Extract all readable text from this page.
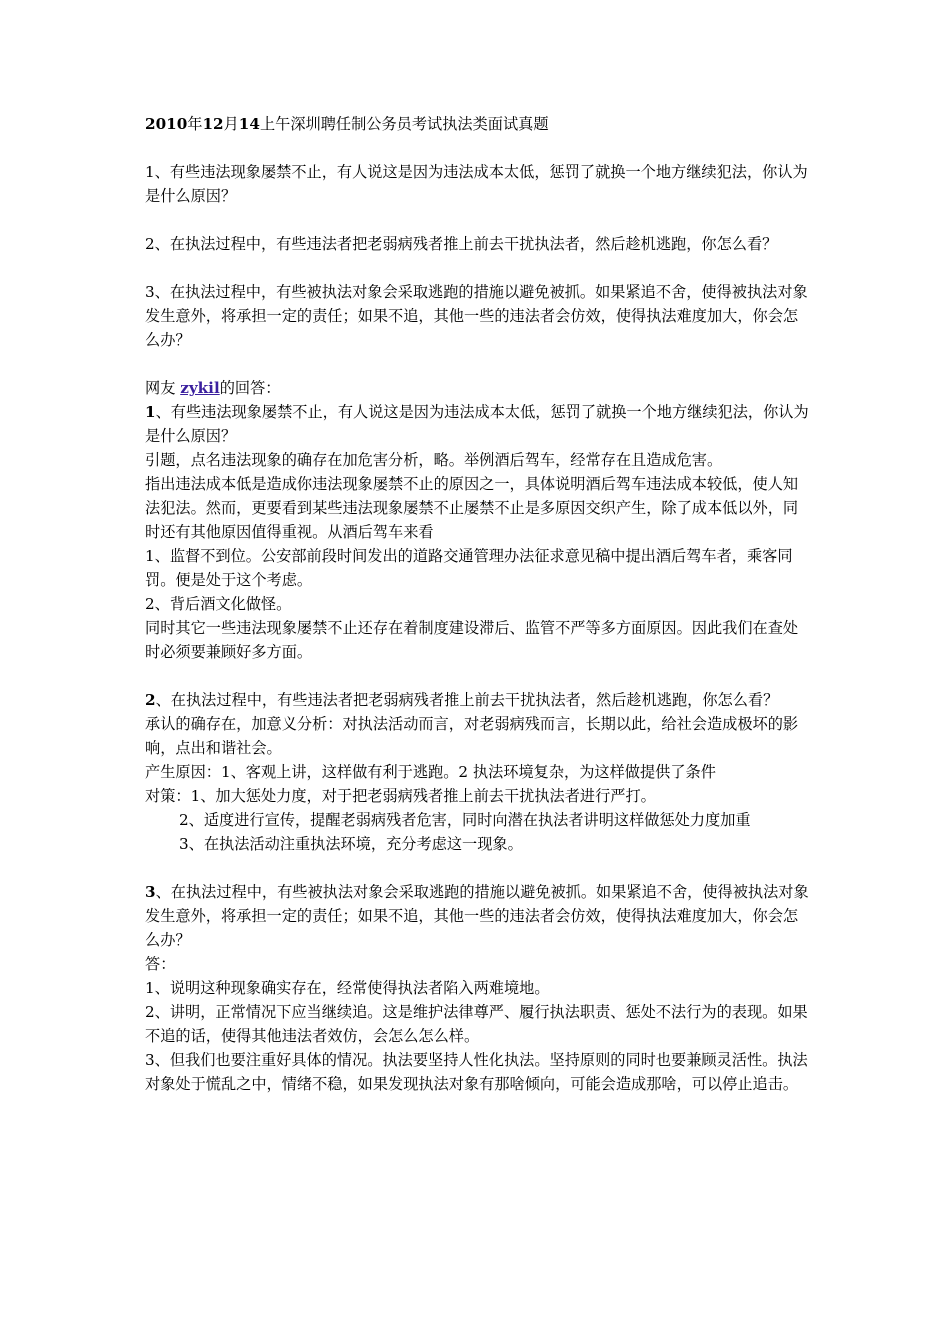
2010年12月14上午深圳聘任制公务员考试执法类面试真题

1、有些违法现象屡禁不止，有人说这是因为违法成本太低，惩罚了就换一个地方继续犯法，你认为是什么原因？

2、在执法过程中，有些违法者把老弱病残者推上前去干扰执法者，然后趁机逃跑，你怎么看？

3、在执法过程中，有些被执法对象会采取逃跑的措施以避免被抓。如果紧追不舍，使得被执法对象发生意外，将承担一定的责任；如果不追，其他一些的违法者会仿效，使得执法难度加大，你会怎么办？

网友 zykil的回答：

1、有些违法现象屡禁不止，有人说这是因为违法成本太低，惩罚了就换一个地方继续犯法，你认为是什么原因？

引题，点名违法现象的确存在加危害分析，略。举例酒后驾车，经常存在且造成危害。

指出违法成本低是造成你违法现象屡禁不止的原因之一，具体说明酒后驾车违法成本较低，使人知法犯法。然而，更要看到某些违法现象屡禁不止屡禁不止是多原因交织产生，除了成本低以外，同时还有其他原因值得重视。从酒后驾车来看

1、监督不到位。公安部前段时间发出的道路交通管理办法征求意见稿中提出酒后驾车者，乘客同罚。便是处于这个考虑。

2、背后酒文化做怪。

同时其它一些违法现象屡禁不止还存在着制度建设滞后、监管不严等多方面原因。因此我们在查处时必须要兼顾好多方面。

2、在执法过程中，有些违法者把老弱病残者推上前去干扰执法者，然后趁机逃跑，你怎么看？

承认的确存在，加意义分析：对执法活动而言，对老弱病残而言，长期以此，给社会造成极坏的影响，点出和谐社会。

产生原因：1、客观上讲，这样做有利于逃跑。2 执法环境复杂，为这样做提供了条件

对策：1、加大惩处力度，对于把老弱病残者推上前去干扰执法者进行严打。

2、适度进行宣传，提醒老弱病残者危害，同时向潜在执法者讲明这样做惩处力度加重

3、在执法活动注重执法环境，充分考虑这一现象。

3、在执法过程中，有些被执法对象会采取逃跑的措施以避免被抓。如果紧追不舍，使得被执法对象发生意外，将承担一定的责任；如果不追，其他一些的违法者会仿效，使得执法难度加大，你会怎么办？

答：

1、说明这种现象确实存在，经常使得执法者陷入两难境地。

2、讲明，正常情况下应当继续追。这是维护法律尊严、履行执法职责、惩处不法行为的表现。如果不追的话，使得其他违法者效仿，会怎么怎么样。

3、但我们也要注重好具体的情况。执法要坚持人性化执法。坚持原则的同时也要兼顾灵活性。执法对象处于慌乱之中，情绪不稳，如果发现执法对象有那啥倾向，可能会造成那啥，可以停止追击。
